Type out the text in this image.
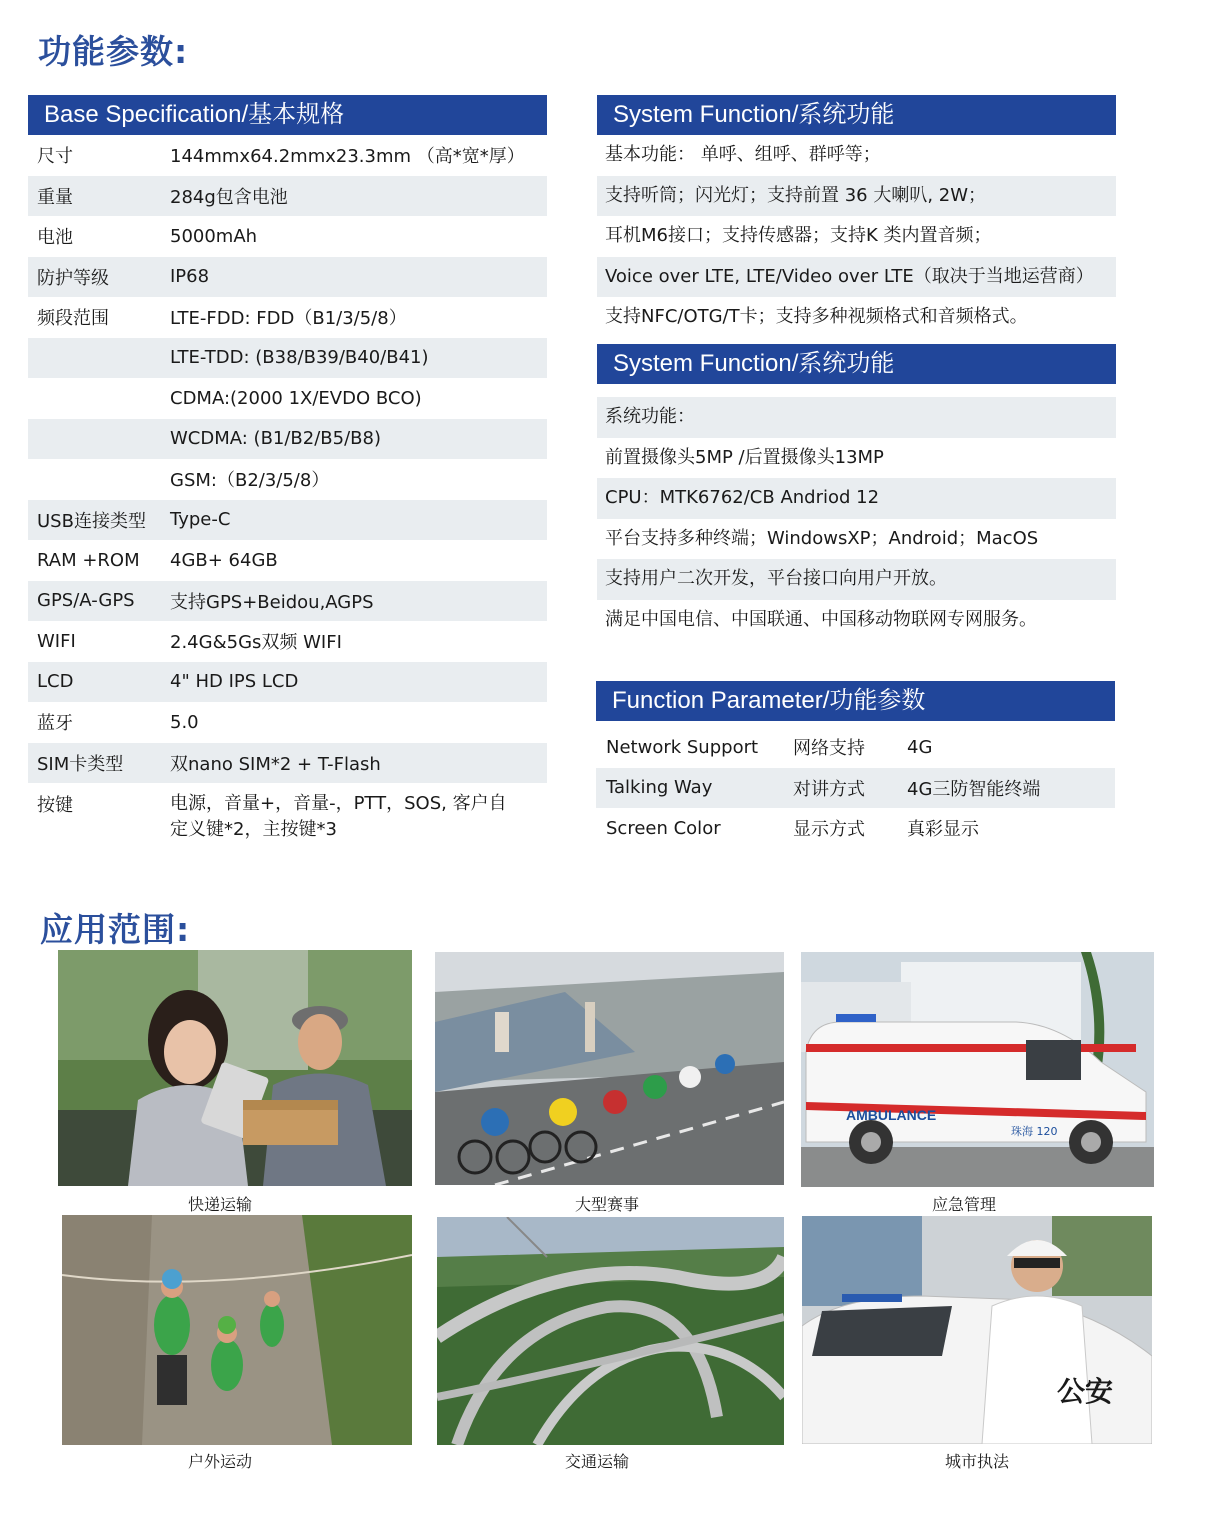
功能参数:
Base Specification/基本规格
尺寸	144mmx64.2mmx23.3mm （高*宽*厚）
重量	284g包含电池
电池	5000mAh
防护等级	IP68
频段范围	LTE-FDD: FDD（B1/3/5/8）
LTE-TDD: (B38/B39/B40/B41)
CDMA:(2000 1X/EVDO BCO)
WCDMA: (B1/B2/B5/B8)
GSM:（B2/3/5/8）
USB连接类型	Type-C
RAM +ROM	4GB+ 64GB
GPS/A-GPS	支持GPS+Beidou,AGPS
WIFI	2.4G&5Gs双频 WIFI
LCD	4" HD IPS LCD
蓝牙	5.0
SIM卡类型	双nano SIM*2 + T-Flash
按键	电源，音量+，音量-，PTT，SOS, 客户自
定义键*2，主按键*3
System Function/系统功能
基本功能： 单呼、组呼、群呼等；
支持听筒；闪光灯；支持前置 36 大喇叭, 2W；
耳机M6接口；支持传感器；支持K 类内置音频；
Voice over LTE, LTE/Video over LTE（取决于当地运营商）
支持NFC/OTG/T卡；支持多种视频格式和音频格式。
System Function/系统功能
系统功能：
前置摄像头5MP /后置摄像头13MP
CPU：MTK6762/CB Andriod 12
平台支持多种终端；WindowsXP；Android；MacOS
支持用户二次开发，平台接口向用户开放。
满足中国电信、中国联通、中国移动物联网专网服务。
Function Parameter/功能参数
Network Support	网络支持	4G
Talking Way	对讲方式	4G三防智能终端
Screen Color	显示方式	真彩显示
应用范围:
AMBULANCE
珠海 120
快递运输	大型赛事	应急管理
公安
户外运动	交通运输	城市执法
